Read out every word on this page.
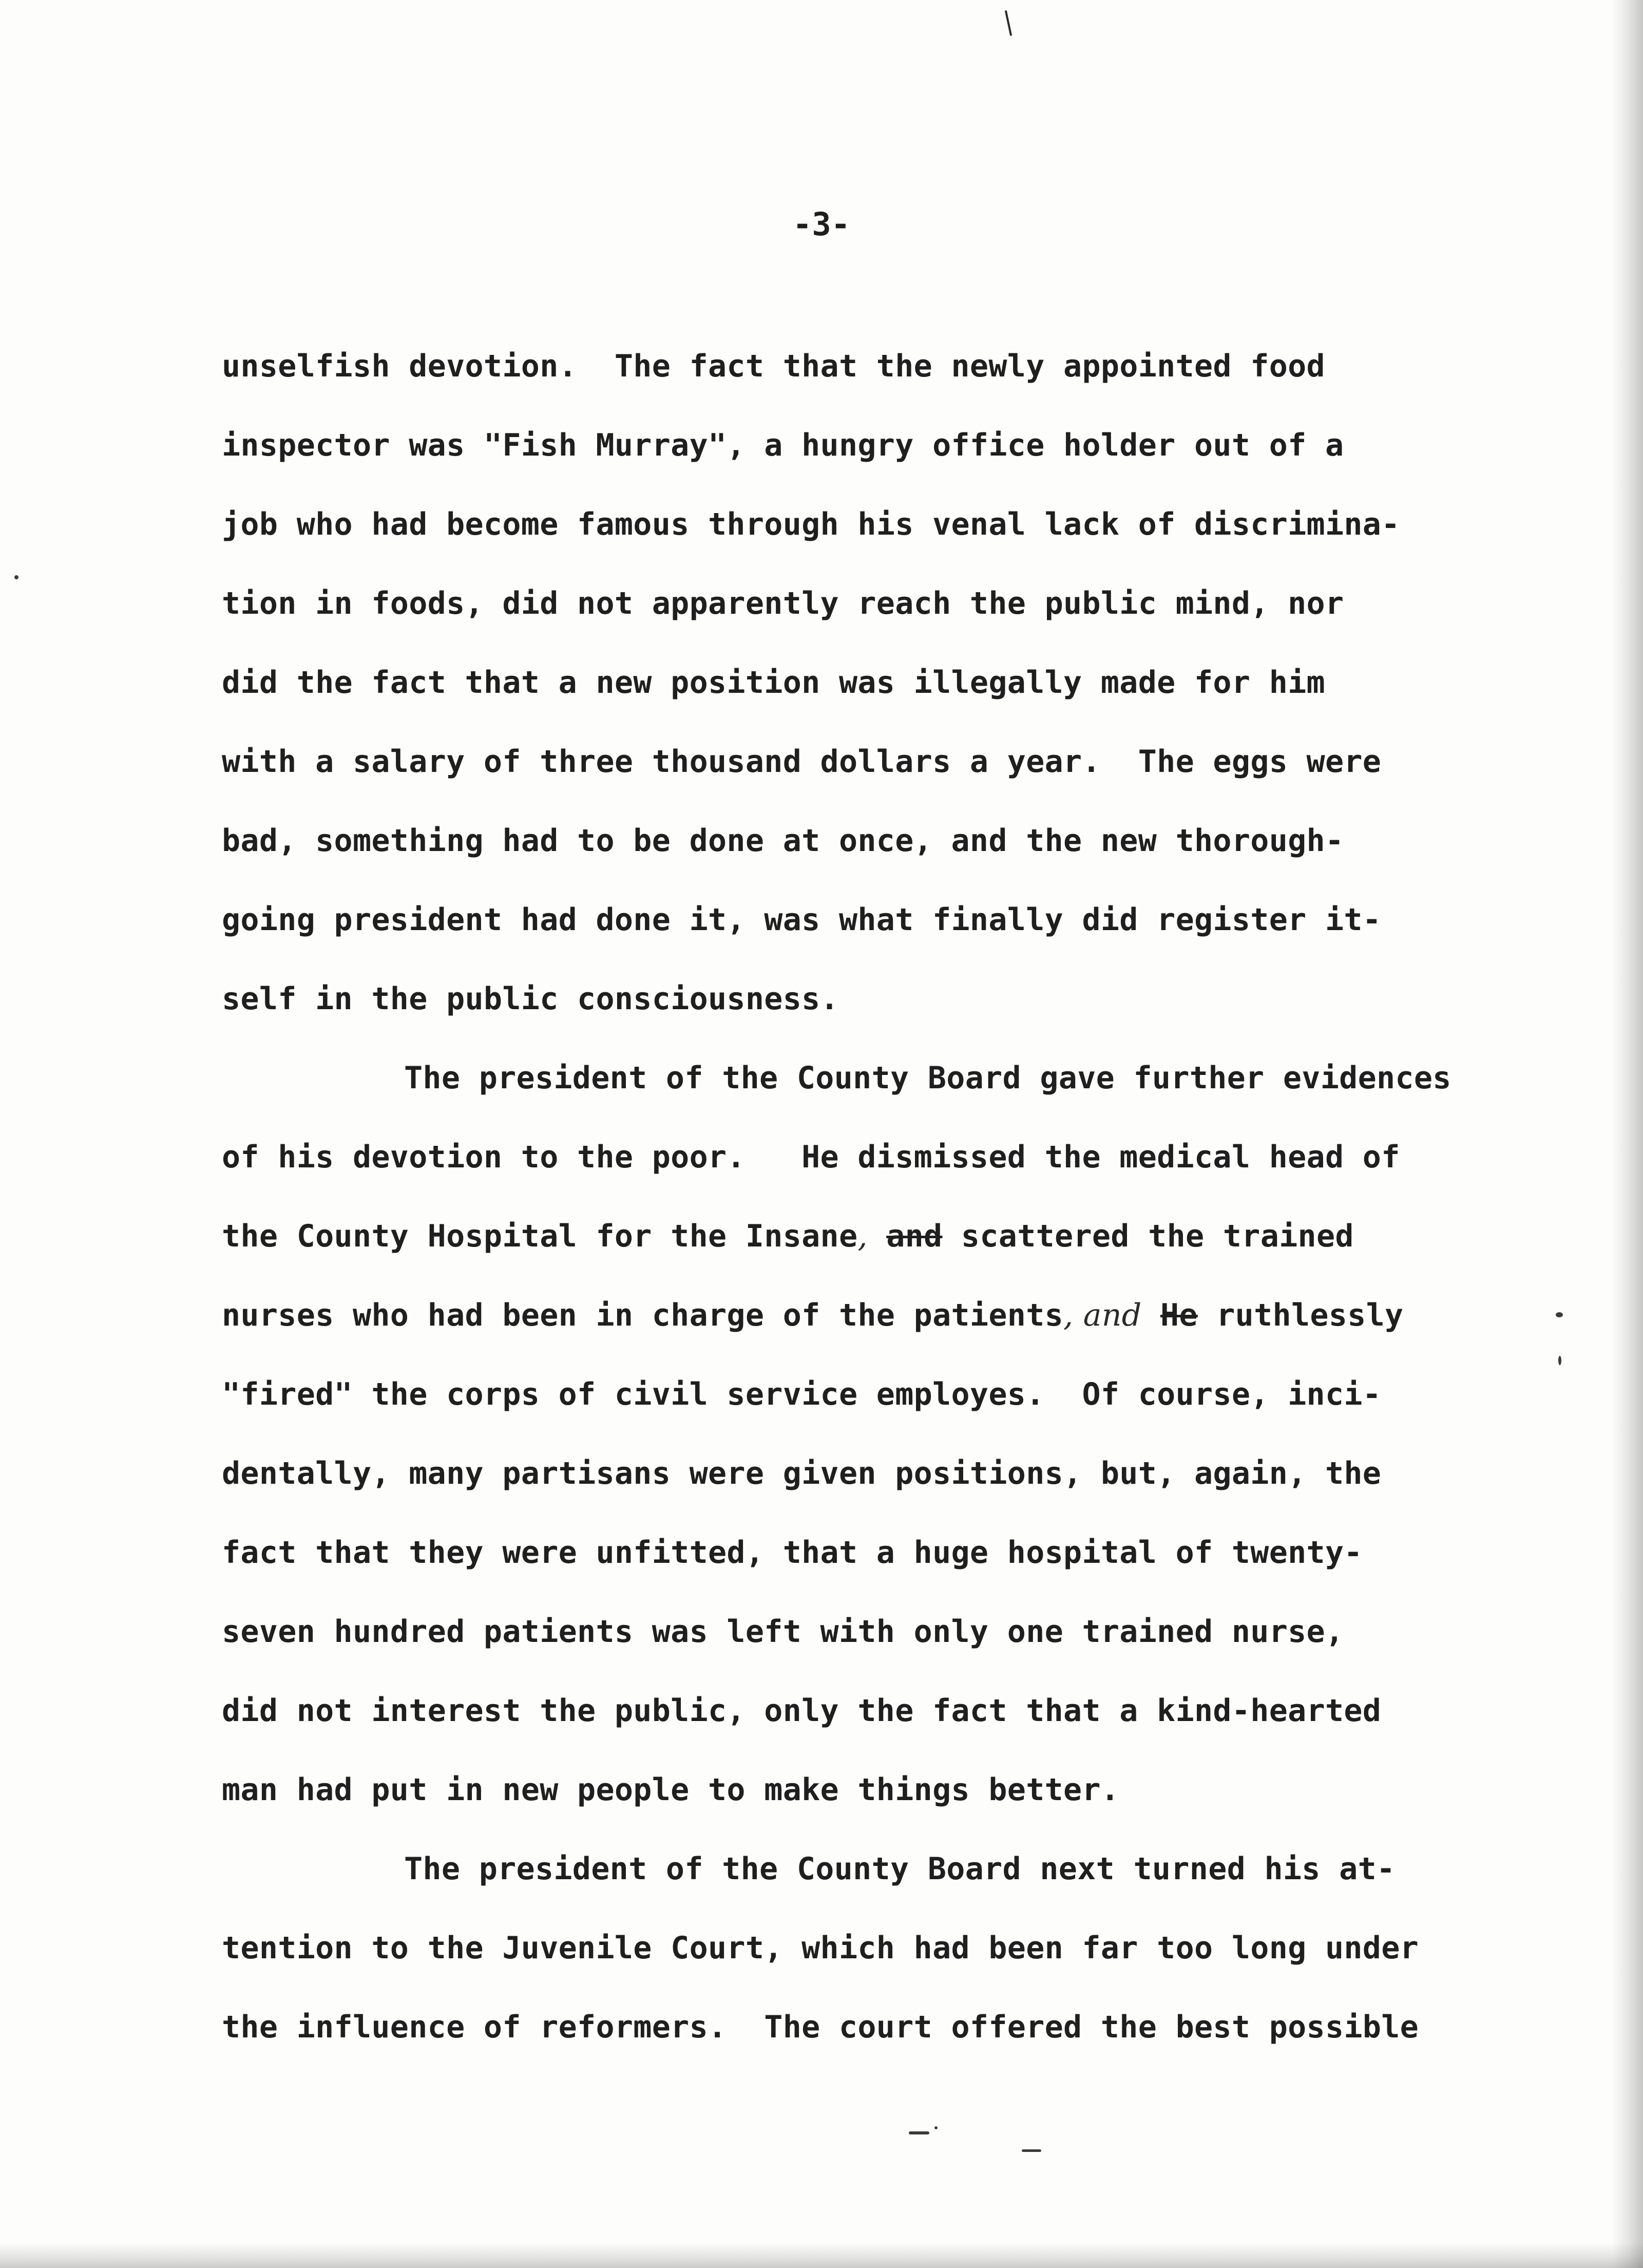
-3-

unselfish devotion.  The fact that the newly appointed food
inspector was "Fish Murray", a hungry office holder out of a
job who had become famous through his venal lack of discrimina-
tion in foods, did not apparently reach the public mind, nor
did the fact that a new position was illegally made for him
with a salary of three thousand dollars a year.  The eggs were
bad, something had to be done at once, and the new thorough-
going president had done it, was what finally did register it-
self in the public consciousness.
The president of the County Board gave further evidences
of his devotion to the poor.   He dismissed the medical head of
the County Hospital for the Insane, and scattered the trained
nurses who had been in charge of the patients, and He ruthlessly
"fired" the corps of civil service employes.  Of course, inci-
dentally, many partisans were given positions, but, again, the
fact that they were unfitted, that a huge hospital of twenty-
seven hundred patients was left with only one trained nurse,
did not interest the public, only the fact that a kind-hearted
man had put in new people to make things better.
The president of the County Board next turned his at-
tention to the Juvenile Court, which had been far too long under
the influence of reformers.  The court offered the best possible
